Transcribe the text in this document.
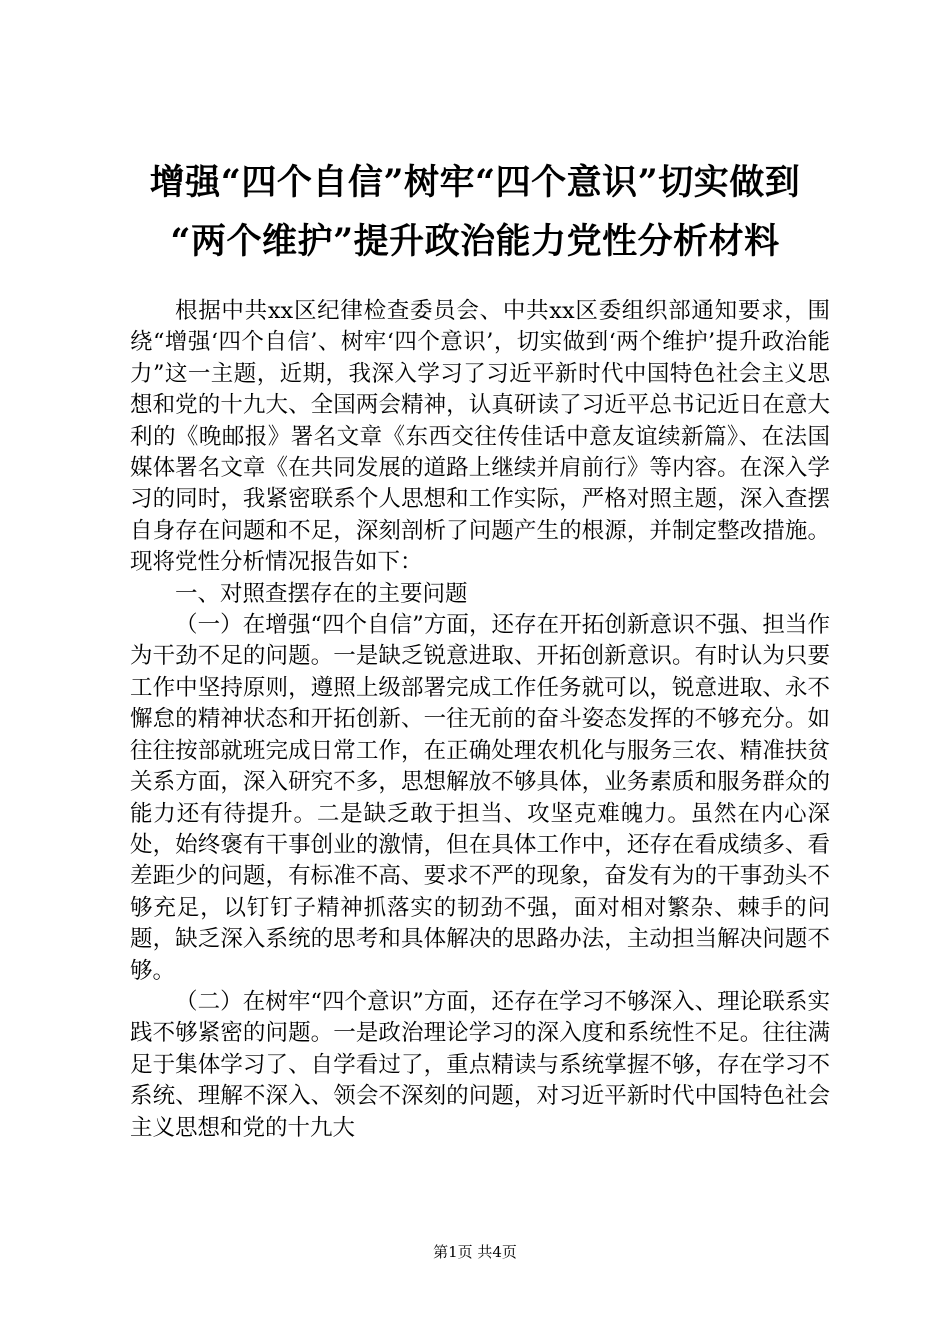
增强“四个自信”树牢“四个意识”切实做到
“两个维护”提升政治能力党性分析材料

根据中共xx区纪律检查委员会、中共xx区委组织部通知要求，围绕“增强‘四个自信’、树牢‘四个意识’，切实做到‘两个维护’提升政治能力”这一主题，近期，我深入学习了习近平新时代中国特色社会主义思想和党的十九大、全国两会精神，认真研读了习近平总书记近日在意大利的《晚邮报》署名文章《东西交往传佳话中意友谊续新篇》、在法国媒体署名文章《在共同发展的道路上继续并肩前行》等内容。在深入学习的同时，我紧密联系个人思想和工作实际，严格对照主题，深入查摆自身存在问题和不足，深刻剖析了问题产生的根源，并制定整改措施。现将党性分析情况报告如下：

一、对照查摆存在的主要问题

（一）在增强“四个自信”方面，还存在开拓创新意识不强、担当作为干劲不足的问题。一是缺乏锐意进取、开拓创新意识。有时认为只要工作中坚持原则，遵照上级部署完成工作任务就可以，锐意进取、永不懈怠的精神状态和开拓创新、一往无前的奋斗姿态发挥的不够充分。如往往按部就班完成日常工作，在正确处理农机化与服务三农、精准扶贫关系方面，深入研究不多，思想解放不够具体，业务素质和服务群众的能力还有待提升。二是缺乏敢于担当、攻坚克难魄力。虽然在内心深处，始终褒有干事创业的激情，但在具体工作中，还存在看成绩多、看差距少的问题，有标准不高、要求不严的现象，奋发有为的干事劲头不够充足，以钉钉子精神抓落实的韧劲不强，面对相对繁杂、棘手的问题，缺乏深入系统的思考和具体解决的思路办法，主动担当解决问题不够。

（二）在树牢“四个意识”方面，还存在学习不够深入、理论联系实践不够紧密的问题。一是政治理论学习的深入度和系统性不足。往往满足于集体学习了、自学看过了，重点精读与系统掌握不够，存在学习不系统、理解不深入、领会不深刻的问题，对习近平新时代中国特色社会主义思想和党的十九大

第1页 共4页
